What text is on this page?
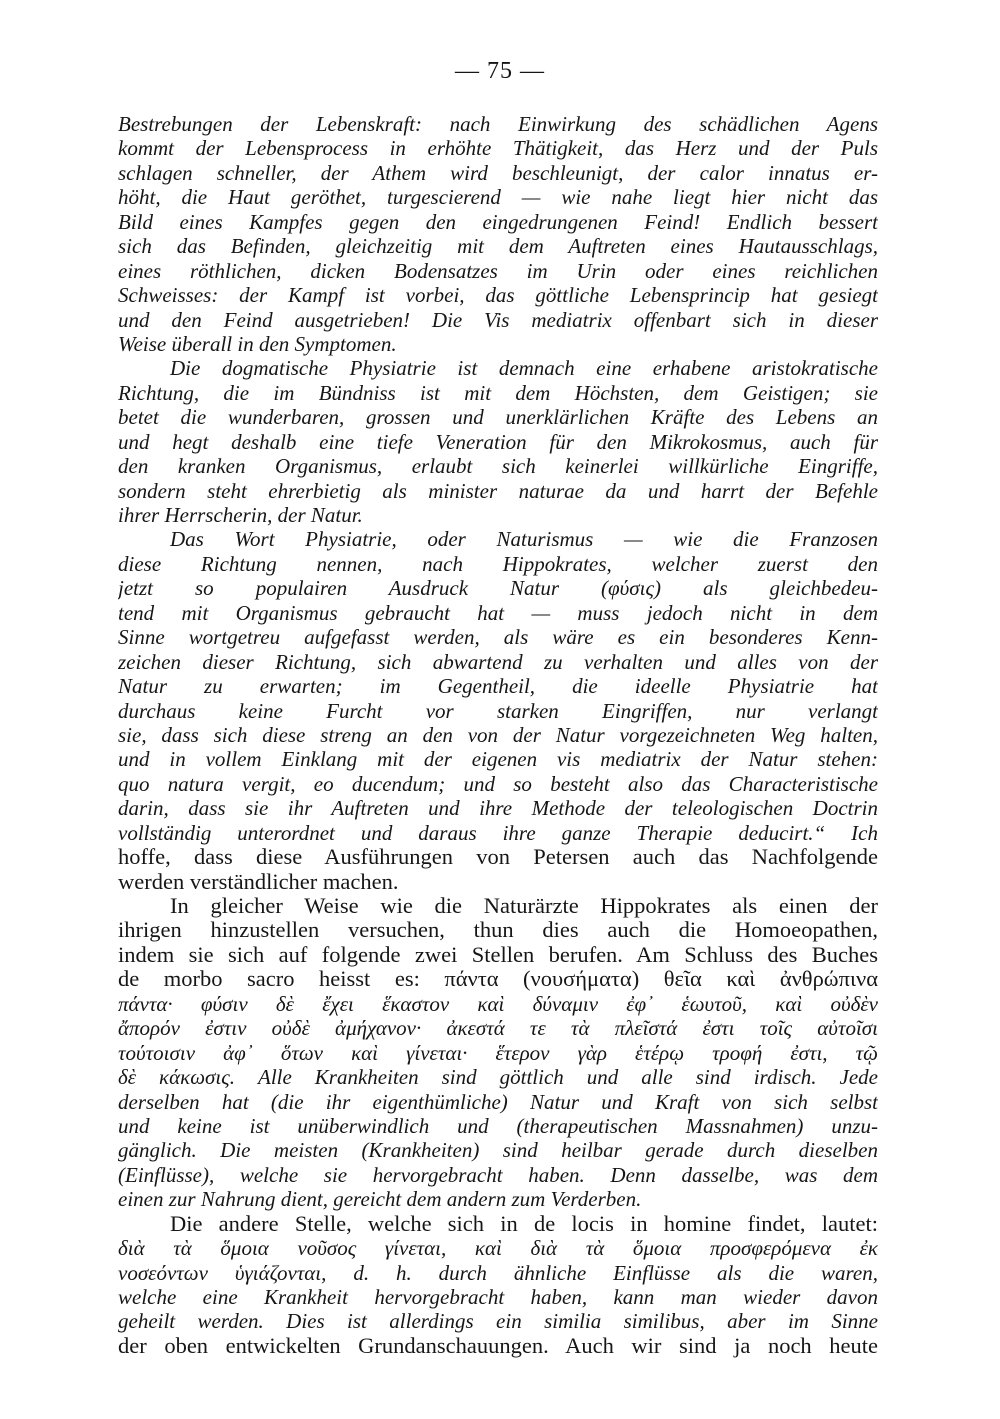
— 75 —
Bestrebungen der Lebenskraft: nach Einwirkung des schädlichen Agens
kommt der Lebensprocess in erhöhte Thätigkeit, das Herz und der Puls
schlagen schneller, der Athem wird beschleunigt, der calor innatus er-
höht, die Haut geröthet, turgescierend — wie nahe liegt hier nicht das
Bild eines Kampfes gegen den eingedrungenen Feind! Endlich bessert
sich das Befinden, gleichzeitig mit dem Auftreten eines Hautausschlags,
eines röthlichen, dicken Bodensatzes im Urin oder eines reichlichen
Schweisses: der Kampf ist vorbei, das göttliche Lebensprincip hat gesiegt
und den Feind ausgetrieben! Die Vis mediatrix offenbart sich in dieser
Weise überall in den Symptomen.
Die dogmatische Physiatrie ist demnach eine erhabene aristokratische
Richtung, die im Bündniss ist mit dem Höchsten, dem Geistigen; sie
betet die wunderbaren, grossen und unerklärlichen Kräfte des Lebens an
und hegt deshalb eine tiefe Veneration für den Mikrokosmus, auch für
den kranken Organismus, erlaubt sich keinerlei willkürliche Eingriffe,
sondern steht ehrerbietig als minister naturae da und harrt der Befehle
ihrer Herrscherin, der Natur.
Das Wort Physiatrie, oder Naturismus — wie die Franzosen
diese Richtung nennen, nach Hippokrates, welcher zuerst den
jetzt so populairen Ausdruck Natur (φύσις) als gleichbedeu-
tend mit Organismus gebraucht hat — muss jedoch nicht in dem
Sinne wortgetreu aufgefasst werden, als wäre es ein besonderes Kenn-
zeichen dieser Richtung, sich abwartend zu verhalten und alles von der
Natur zu erwarten; im Gegentheil, die ideelle Physiatrie hat
durchaus keine Furcht vor starken Eingriffen, nur verlangt
sie, dass sich diese streng an den von der Natur vorgezeichneten Weg halten,
und in vollem Einklang mit der eigenen vis mediatrix der Natur stehen:
quo natura vergit, eo ducendum; und so besteht also das Characteristische
darin, dass sie ihr Auftreten und ihre Methode der teleologischen Doctrin
vollständig unterordnet und daraus ihre ganze Therapie deducirt.“ Ich
hoffe, dass diese Ausführungen von Petersen auch das Nachfolgende
werden verständlicher machen.
In gleicher Weise wie die Naturärzte Hippokrates als einen der
ihrigen hinzustellen versuchen, thun dies auch die Homoeopathen,
indem sie sich auf folgende zwei Stellen berufen. Am Schluss des Buches
de morbo sacro heisst es: πάντα (νουσήματα) θεῖα καὶ ἀνθρώπινα
πάντα· φύσιν δὲ ἔχει ἕκαστον καὶ δύναμιν ἐφ᾽ ἑωυτοῦ, καὶ οὐδὲν
ἄπορόν ἐστιν οὐδὲ ἀμήχανον· ἀκεστά τε τὰ πλεῖστά ἐστι τοῖς αὐτοῖσι
τούτοισιν ἀφ᾽ ὅτων καὶ γίνεται· ἕτερον γὰρ ἑτέρῳ τροφή ἐστι, τῷ
δὲ κάκωσις. Alle Krankheiten sind göttlich und alle sind irdisch. Jede
derselben hat (die ihr eigenthümliche) Natur und Kraft von sich selbst
und keine ist unüberwindlich und (therapeutischen Massnahmen) unzu-
gänglich. Die meisten (Krankheiten) sind heilbar gerade durch dieselben
(Einflüsse), welche sie hervorgebracht haben. Denn dasselbe, was dem
einen zur Nahrung dient, gereicht dem andern zum Verderben.
Die andere Stelle, welche sich in de locis in homine findet, lautet:
διὰ τὰ ὅμοια νοῦσος γίνεται, καὶ διὰ τὰ ὅμοια προσφερόμενα ἐκ
νοσεόντων ὑγιάζονται, d. h. durch ähnliche Einflüsse als die waren,
welche eine Krankheit hervorgebracht haben, kann man wieder davon
geheilt werden. Dies ist allerdings ein similia similibus, aber im Sinne
der oben entwickelten Grundanschauungen. Auch wir sind ja noch heute
